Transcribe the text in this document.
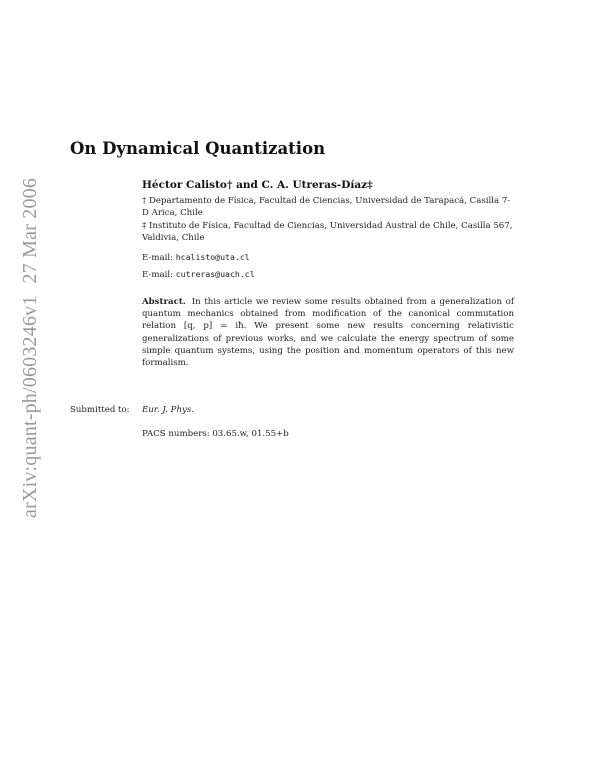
arXiv:quant-ph/0603246v127 Mar 2006
On Dynamical Quantization
Héctor Calisto† and C. A. Utreras-Díaz‡
† Departamento de Física, Facultad de Ciencias, Universidad de Tarapacá, Casilla 7-D Arica, Chile
‡ Instituto de Física, Facultad de Ciencias, Universidad Austral de Chile, Casilla 567, Valdivia, Chile
E-mail: hcalisto@uta.cl
E-mail: cutreras@uach.cl
Abstract. In this article we review some results obtained from a generalization of quantum mechanics obtained from modification of the canonical commutation relation [q, p] = iħ. We present some new results concerning relativistic generalizations of previous works, and we calculate the energy spectrum of some simple quantum systems, using the position and momentum operators of this new formalism.
Submitted to: Eur. J. Phys.
PACS numbers: 03.65.w, 01.55+b
